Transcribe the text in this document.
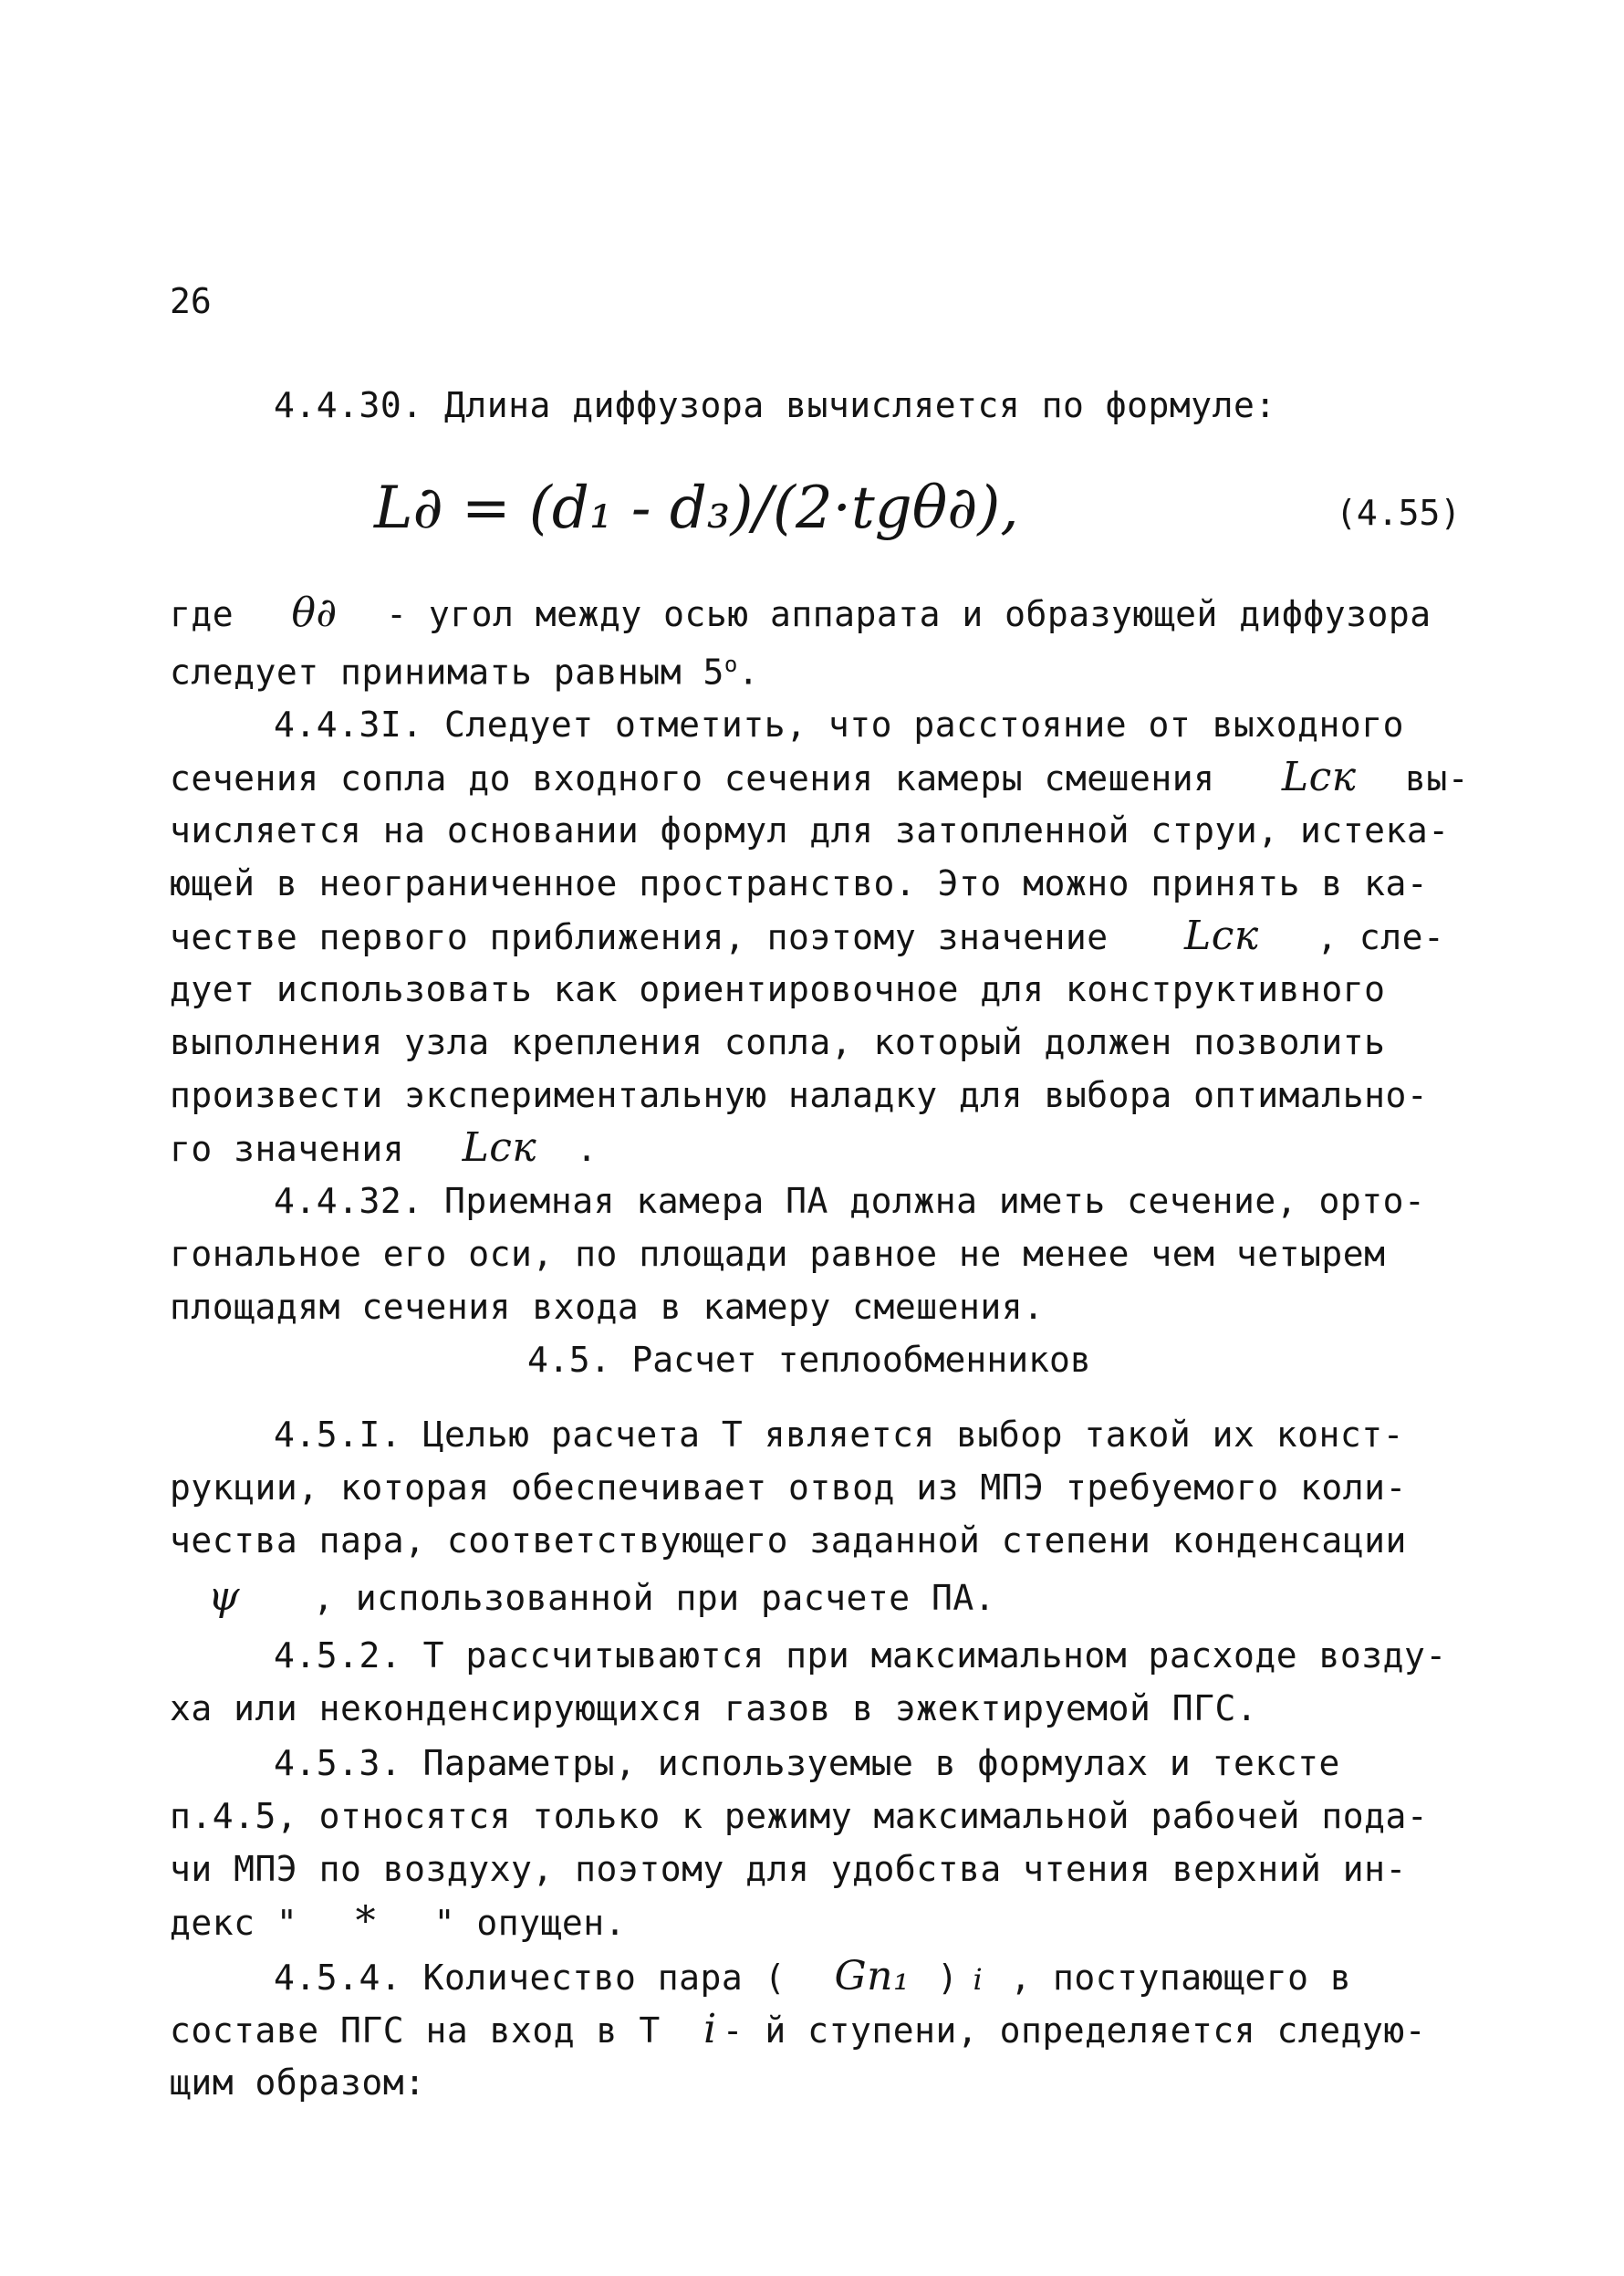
26
4.4.30. Длина диффузора вычисляется по формуле:
L∂ = (d₁ - d₃)/(2·tgθ∂),	(4.55)
где θ∂ - угол между осью аппарата и образующей диффузора
следует принимать равным 5$^o$.
4.4.3I. Следует отметить, что расстояние от выходного
сечения сопла до входного сечения камеры смешения Lск вы-
числяется на основании формул для затопленной струи, истека-
ющей в неограниченное пространство. Это можно принять в ка-
честве первого приближения, поэтому значение Lск , сле-
дует использовать как ориентировочное для конструктивного
выполнения узла крепления сопла, который должен позволить
произвести экспериментальную наладку для выбора оптимально-
го значения Lск .
4.4.32. Приемная камера ПА должна иметь сечение, орто-
гональное его оси, по площади равное не менее чем четырем
площадям сечения входа в камеру смешения.
4.5. Расчет теплообменников
4.5.I. Целью расчета Т является выбор такой их конст-
рукции, которая обеспечивает отвод из МПЭ требуемого коли-
чества пара, соответствующего заданной степени конденсации
ψ , использованной при расчете ПА.
4.5.2. Т рассчитываются при максимальном расходе возду-
ха или неконденсирующихся газов в эжектируемой ПГС.
4.5.3. Параметры, используемые в формулах и тексте
п.4.5, относятся только к режиму максимальной рабочей пода-
чи МПЭ по воздуху, поэтому для удобства чтения верхний ин-
декс " * " опущен.
4.5.4. Количество пара ( Gп₁ ) i , поступающего в
составе ПГС на вход в Т i - й ступени, определяется следую-
щим образом:
